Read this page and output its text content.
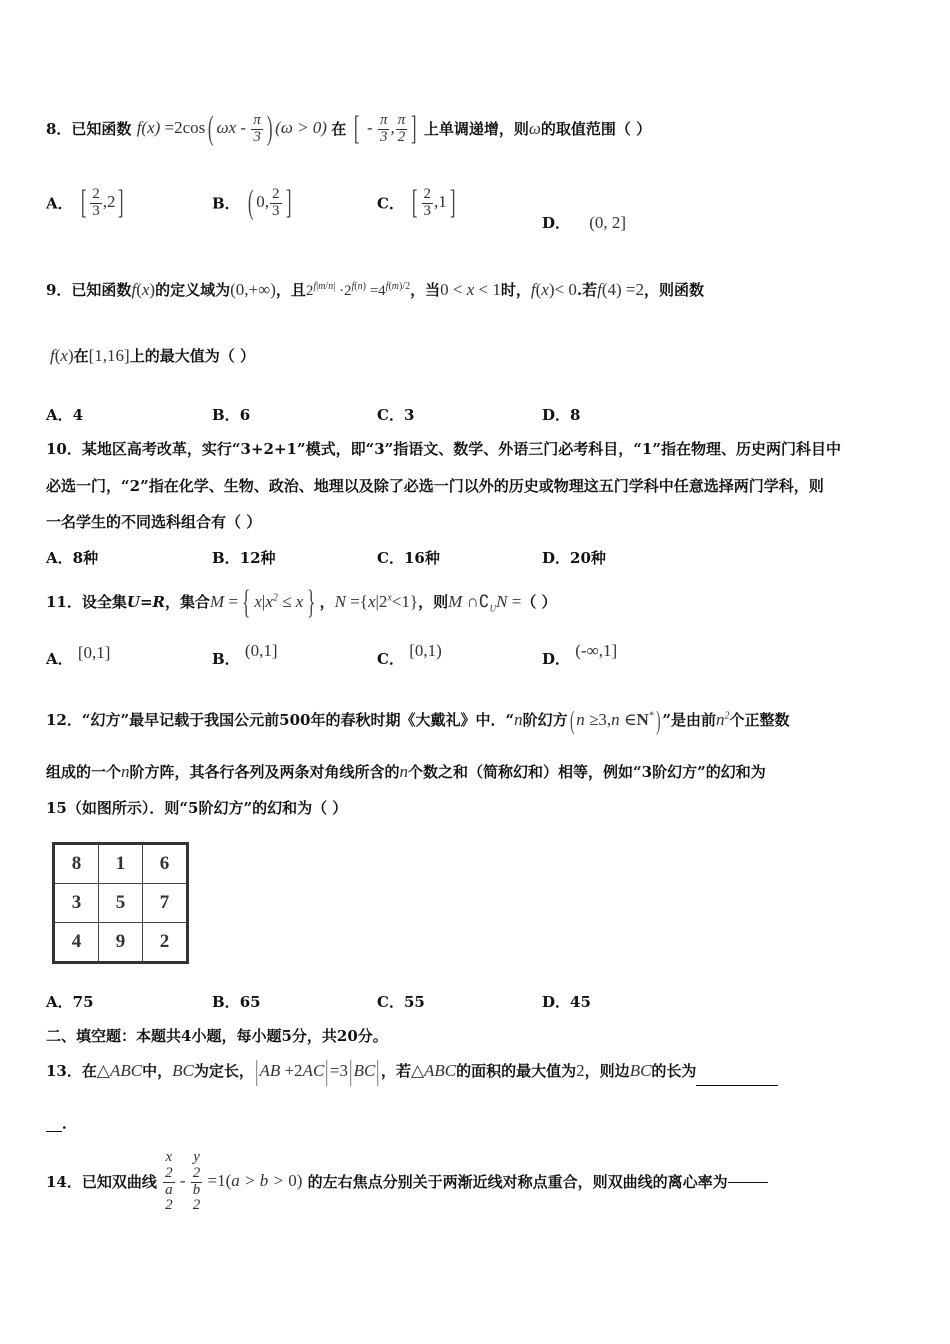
8．已知函数 f(x) =2cos( ωx - $\frac{\pi}{3}$ ) (ω > 0) 在 [ - $\frac{\pi}{3}$ , $\frac{\pi}{2}$ ] 上单调递增，则ω的取值范围（ ）
A． [ $\frac{2}{3} ,2$]	B． ( 0, $\frac{2}{3}$ ]	C． [ $\frac{2}{3} ,1$]
D． (0, 2]
9．已知函数f(x)的定义域为(0,+∞)，且$2^{f|m/n|} \cdot 2^{f(n)} =4^{f(m)/2}$，当0 < x < 1时，f(x)< 0.若f(4) =2，则函数
f(x)在[1,16]上的最大值为（ ）
A．4	B．6	C．3	D．8
10．某地区高考改革，实行“3+2+1”模式，即“3”指语文、数学、外语三门必考科目，“1”指在物理、历史两门科目中
必选一门，“2”指在化学、生物、政治、地理以及除了必选一门以外的历史或物理这五门学科中任意选择两门学科，则
一名学生的不同选科组合有（ ）
A．8种	B．12种	C．16种	D．20种
11．设全集U=R，集合M = { $x|x^2 \le x$ } ，$N =\{x|2^x<1\}$，则M $\cap∁_UN$ =（ ）
A． [0,1]	B． (0,1]	C． [0,1)	D． (-∞,1]
12．“幻方”最早记载于我国公元前500年的春秋时期《大戴礼》中．“n阶幻方( n ≥3,n ∈N*) ”是由前$n^2$个正整数
组成的一个n阶方阵，其各行各列及两条对角线所含的n个数之和（简称幻和）相等，例如“3阶幻方”的幻和为
15（如图所示）．则“5阶幻方”的幻和为（ ）
8	1	6
3	5	7
4	9	2
A．75	B．65	C．55	D．45
二、填空题：本题共4小题，每小题5分，共20分。
13．在△ABC中，BC为定长，|AB +2AC|=3|BC|，若△ABC的面积的最大值为2，则边BC的长为
．
14．已知双曲线 x
2
a
2 - y
2
b
2 =1(a > b > 0) 的左右焦点分别关于两渐近线对称点重合，则双曲线的离心率为
